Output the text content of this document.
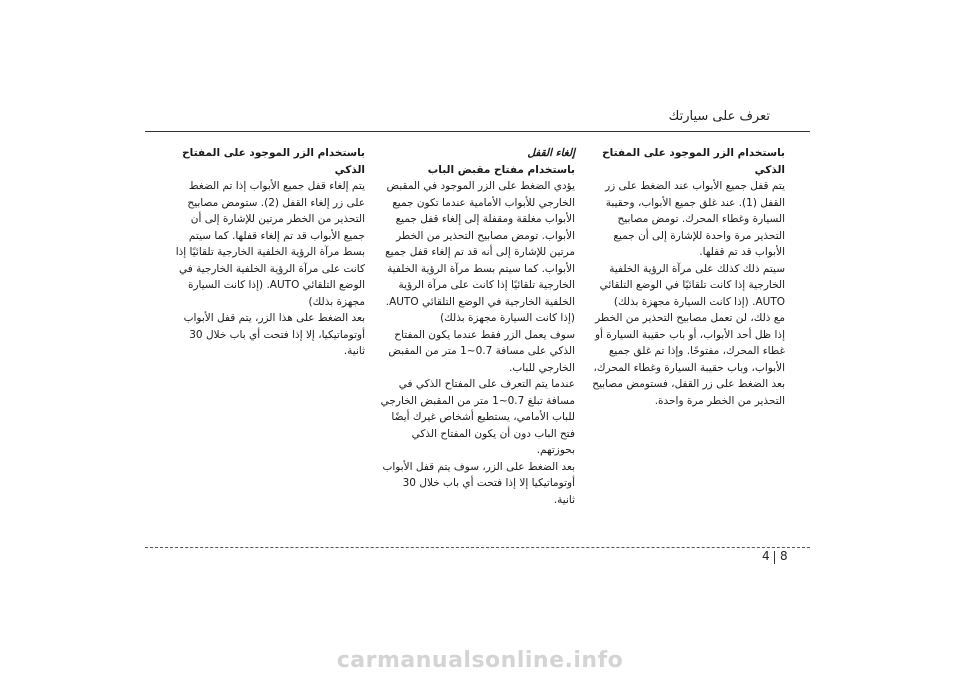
تعرف على سيارتك
باستخدام الزر الموجود على المفتاح الذكي

يتم قفل جميع الأبواب عند الضغط على زر القفل (1). عند غلق جميع الأبواب، وحقيبة السيارة وغطاء المحرك. تومض مصابيح التحذير مرة واحدة للإشارة إلى أن جميع الأبواب قد تم قفلها.

سيتم ذلك كذلك على مرآة الرؤية الخلفية الخارجية إذا كانت تلقائيًا في الوضع التلقائي AUTO. (إذا كانت السيارة مجهزة بذلك)

مع ذلك، لن تعمل مصابيح التحذير من الخطر إذا ظل أحد الأبواب، أو باب حقيبة السيارة أو غطاء المحرك، مفتوحًا. وإذا تم غلق جميع الأبواب، وباب حقيبة السيارة وغطاء المحرك، بعد الضغط على زر القفل، فستومض مصابيح التحذير من الخطر مرة واحدة.

إلغاء القفل

باستخدام مفتاح مقبض الباب

يؤدي الضغط على الزر الموجود في المقبض الخارجي للأبواب الأمامية عندما تكون جميع الأبواب مغلقة ومقفلة إلى إلغاء قفل جميع الأبواب. تومض مصابيح التحذير من الخطر مرتين للإشارة إلى أنه قد تم إلغاء قفل جميع الأبواب. كما سيتم بسط مرآة الرؤية الخلفية الخارجية تلقائيًا إذا كانت على مرآة الرؤية الخلفية الخارجية في الوضع التلقائي AUTO. (إذا كانت السيارة مجهزة بذلك)

سوف يعمل الزر فقط عندما يكون المفتاح الذكي على مسافة 0.7~1 متر من المقبض الخارجي للباب.

عندما يتم التعرف على المفتاح الذكي في مسافة تبلغ 0.7~1 متر من المقبض الخارجي للباب الأمامي، يستطيع أشخاص غيرك أيضًا فتح الباب دون أن يكون المفتاح الذكي بحوزتهم.

بعد الضغط على الزر، سوف يتم قفل الأبواب أوتوماتيكيا إلا إذا فتحت أي باب خلال 30 ثانية.

باستخدام الزر الموجود على المفتاح الذكي

يتم إلغاء قفل جميع الأبواب إذا تم الضغط على زر إلغاء القفل (2). ستومض مصابيح التحذير من الخطر مرتين للإشارة إلى أن جميع الأبواب قد تم إلغاء قفلها. كما سيتم بسط مرآة الرؤية الخلفية الخارجية تلقائيًا إذا كانت على مرآة الرؤية الخلفية الخارجية في الوضع التلقائي AUTO. (إذا كانت السيارة مجهزة بذلك)

بعد الضغط على هذا الزر، يتم قفل الأبواب أوتوماتيكيا، إلا إذا فتحت أي باب خلال 30 ثانية.

4 8
carmanualsonline.info
